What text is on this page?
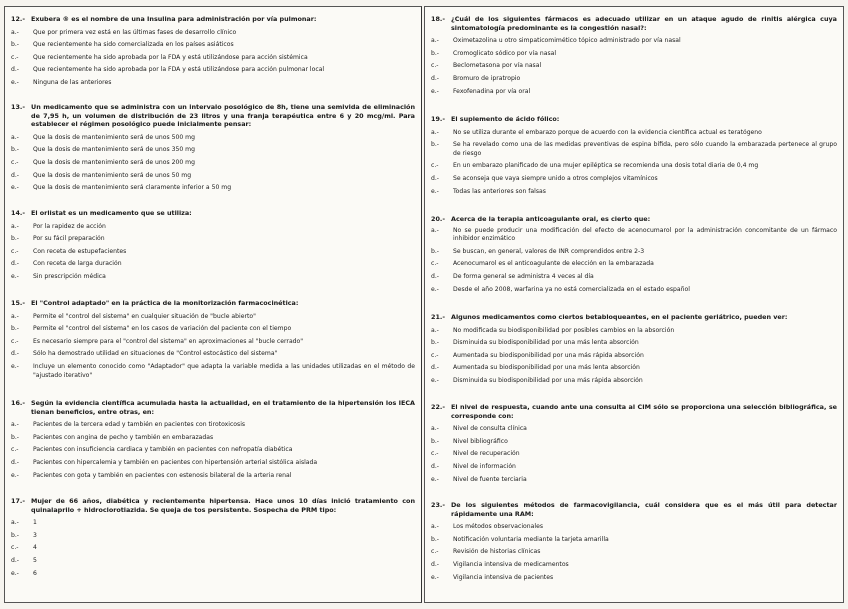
12.- Exubera ® es el nombre de una Insulina para administración por vía pulmonar:
a.-	Que por primera vez está en las últimas fases de desarrollo clínico
b.-	Que recientemente ha sido comercializada en los países asiáticos
c.-	Que recientemente ha sido aprobada por la FDA y está utilizándose para acción sistémica
d.-	Que recientemente ha sido aprobada por la FDA y está utilizándose para acción pulmonar local
e.-	Ninguna de las anteriores
13.- Un medicamento que se administra con un intervalo posológico de 8h, tiene una semivida de eliminación de 7,95 h, un volumen de distribución de 23 litros y una franja terapéutica entre 6 y 20 mcg/ml. Para establecer el régimen posológico puede inicialmente pensar:
a.-	Que la dosis de mantenimiento será de unos 500 mg
b.-	Que la dosis de mantenimiento será de unos 350 mg
c.-	Que la dosis de mantenimiento será de unos 200 mg
d.-	Que la dosis de mantenimiento será de unos 50 mg
e.-	Que la dosis de mantenimiento será claramente inferior a 50 mg
14.- El orlistat es un medicamento que se utiliza:
a.-	Por la rapidez de acción
b.-	Por su fácil preparación
c.-	Con receta de estupefacientes
d.-	Con receta de larga duración
e.-	Sin prescripción médica
15.- El "Control adaptado" en la práctica de la monitorización farmacocinética:
a.-	Permite el "control del sistema" en cualquier situación de "bucle abierto"
b.-	Permite el "control del sistema" en los casos de variación del paciente con el tiempo
c.-	Es necesario siempre para el "control del sistema" en aproximaciones al "bucle cerrado"
d.-	Sólo ha demostrado utilidad en situaciones de "Control estocástico del sistema"
e.-	Incluye un elemento conocido como "Adaptador" que adapta la variable medida a las unidades utilizadas en el método de "ajustado iterativo"
16.- Según la evidencia científica acumulada hasta la actualidad, en el tratamiento de la hipertensión los IECA tienan beneficios, entre otras, en:
a.-	Pacientes de la tercera edad y también en pacientes con tirotoxicosis
b.-	Pacientes con angina de pecho y también en embarazadas
c.-	Pacientes con insuficiencia cardiaca y también en pacientes con nefropatía diabética
d.-	Pacientes con hipercalemia y también en pacientes con hipertensión arterial sistólica aislada
e.-	Pacientes con gota y también en pacientes con estenosis bilateral de la arteria renal
17.- Mujer de 66 años, diabética y recientemente hipertensa. Hace unos 10 días inició tratamiento con quinalaprilo + hidroclorotiazida. Se queja de tos persistente. Sospecha de PRM tipo:
a.-	1
b.-	3
c.-	4
d.-	5
e.-	6
18.- ¿Cuál de los siguientes fármacos es adecuado utilizar en un ataque agudo de rinitis alérgica cuya sintomatología predominante es la congestión nasal?:
a.-	Oximetazolina u otro simpaticomimético tópico administrado por vía nasal
b.-	Cromoglicato sódico por vía nasal
c.-	Beclometasona por vía nasal
d.-	Bromuro de ipratropio
e.-	Fexofenadina por vía oral
19.- El suplemento de ácido fólico:
a.-	No se utiliza durante el embarazo porque de acuerdo con la evidencia científica actual es teratógeno
b.-	Se ha revelado como una de las medidas preventivas de espina bífida, pero sólo cuando la embarazada pertenece al grupo de riesgo
c.-	En un embarazo planificado de una mujer epiléptica se recomienda una dosis total diaria de 0,4 mg
d.-	Se aconseja que vaya siempre unido a otros complejos vitamínicos
e.-	Todas las anteriores son falsas
20.- Acerca de la terapia anticoagulante oral, es cierto que:
a.-	No se puede producir una modificación del efecto de acenocumarol por la administración concomitante de un fármaco inhibidor enzimático
b.-	Se buscan, en general, valores de INR comprendidos entre 2-3
c.-	Acenocumarol es el anticoagulante de elección en la embarazada
d.-	De forma general se administra 4 veces al día
e.-	Desde el año 2008, warfarina ya no está comercializada en el estado español
21.- Algunos medicamentos como ciertos betabloqueantes, en el paciente geriátrico, pueden ver:
a.-	No modificada su biodisponibilidad por posibles cambios en la absorción
b.-	Disminuida su biodisponibilidad por una más lenta absorción
c.-	Aumentada su biodisponibilidad por una más rápida absorción
d.-	Aumentada su biodisponibilidad por una más lenta absorción
e.-	Disminuida su biodisponibilidad por una más rápida absorción
22.- El nivel de respuesta, cuando ante una consulta al CIM sólo se proporciona una selección bibliográfica, se corresponde con:
a.-	Nivel de consulta clínica
b.-	Nivel bibliográfico
c.-	Nivel de recuperación
d.-	Nivel de información
e.-	Nivel de fuente terciaria
23.- De los siguientes métodos de farmacovigilancia, cuál considera que es el más útil para detectar rápidamente una RAM:
a.-	Los métodos observacionales
b.-	Notificación voluntaria mediante la tarjeta amarilla
c.-	Revisión de historias clínicas
d.-	Vigilancia intensiva de medicamentos
e.-	Vigilancia intensiva de pacientes
